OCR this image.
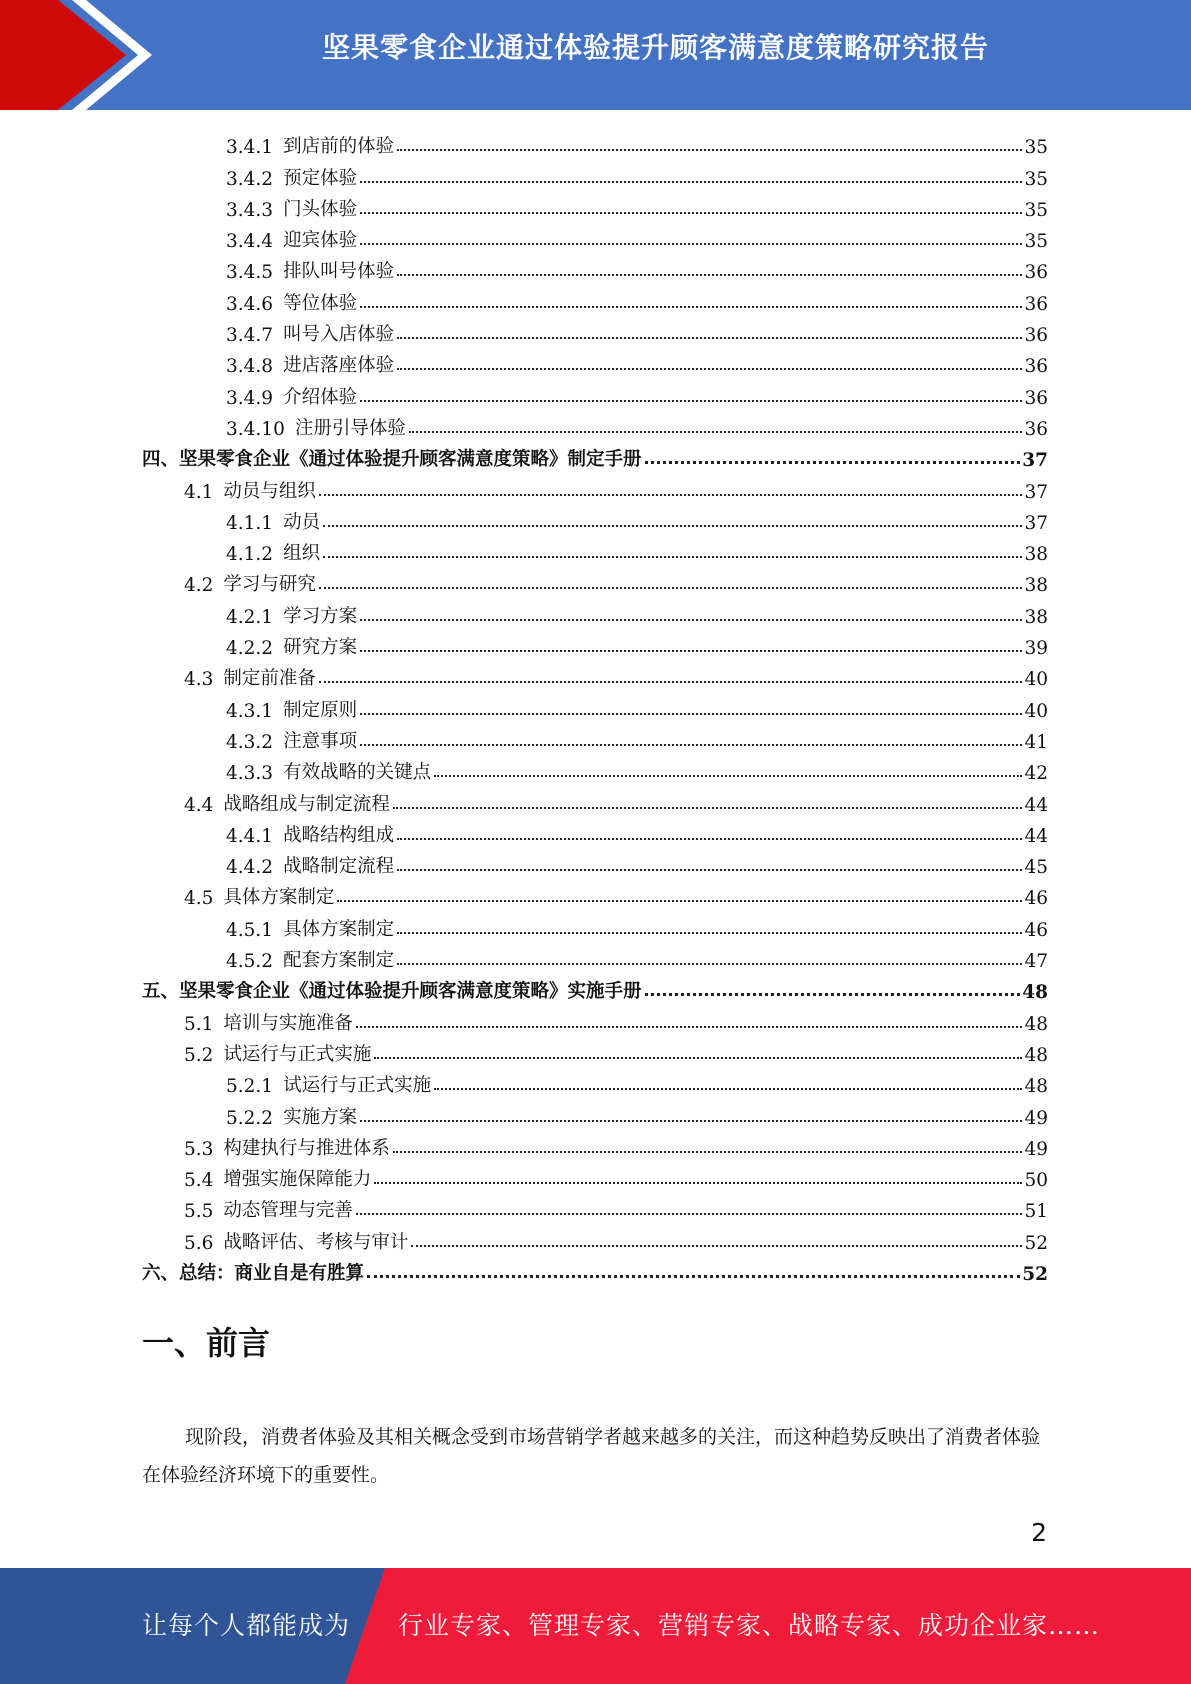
坚果零食企业通过体验提升顾客满意度策略研究报告
3.4.1 到店前的体验	35
3.4.2 预定体验	35
3.4.3 门头体验	35
3.4.4 迎宾体验	35
3.4.5 排队叫号体验	36
3.4.6 等位体验	36
3.4.7 叫号入店体验	36
3.4.8 进店落座体验	36
3.4.9 介绍体验	36
3.4.10 注册引导体验	36
四、 坚果零食企业《通过体验提升顾客满意度策略》制定手册	37
4.1 动员与组织	37
4.1.1 动员	37
4.1.2 组织	38
4.2 学习与研究	38
4.2.1 学习方案	38
4.2.2 研究方案	39
4.3 制定前准备	40
4.3.1 制定原则	40
4.3.2 注意事项	41
4.3.3 有效战略的关键点	42
4.4 战略组成与制定流程	44
4.4.1 战略结构组成	44
4.4.2 战略制定流程	45
4.5 具体方案制定	46
4.5.1 具体方案制定	46
4.5.2 配套方案制定	47
五、 坚果零食企业《通过体验提升顾客满意度策略》实施手册	48
5.1 培训与实施准备	48
5.2 试运行与正式实施	48
5.2.1 试运行与正式实施	48
5.2.2 实施方案	49
5.3 构建执行与推进体系	49
5.4 增强实施保障能力	50
5.5 动态管理与完善	51
5.6 战略评估、考核与审计	52
六、 总结：商业自是有胜算	52
一、前言

现阶段，消费者体验及其相关概念受到市场营销学者越来越多的关注，而这种趋势反映出了消费者体验在体验经济环境下的重要性。

2
让每个人都能成为 行业专家、管理专家、营销专家、战略专家、成功企业家……
